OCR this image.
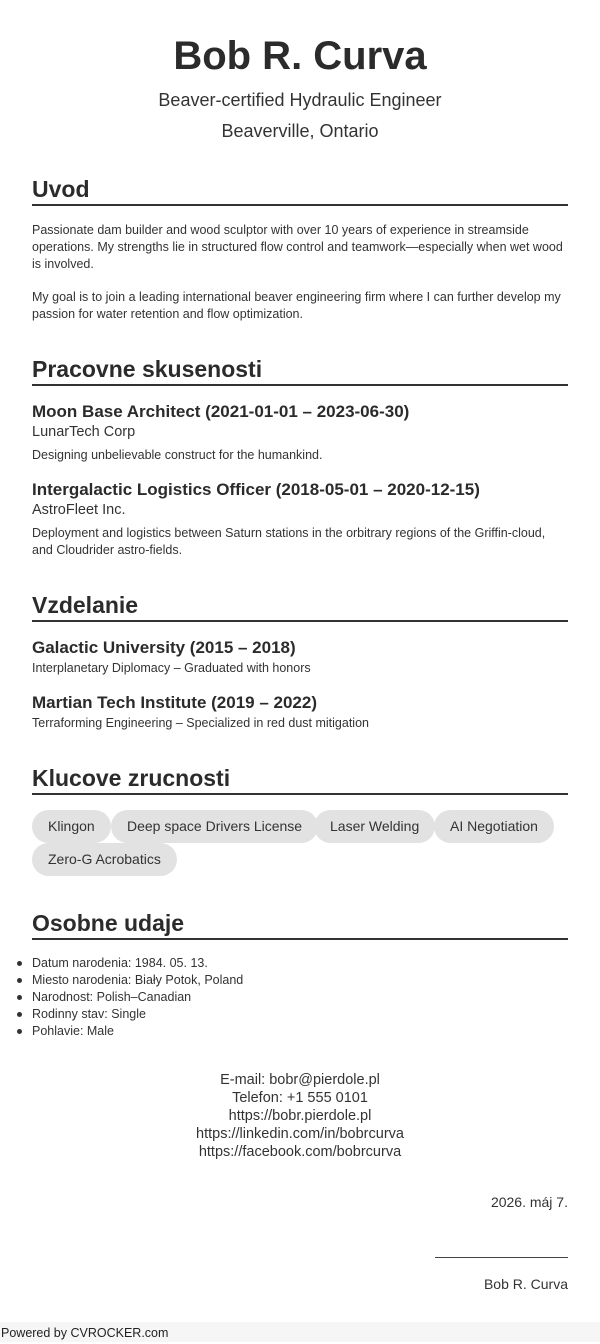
Bob R. Curva
Beaver-certified Hydraulic Engineer
Beaverville, Ontario
Uvod

Passionate dam builder and wood sculptor with over 10 years of experience in streamside operations. My strengths lie in structured flow control and teamwork—especially when wet wood is involved.

My goal is to join a leading international beaver engineering firm where I can further develop my passion for water retention and flow optimization.

Pracovne skusenosti
Moon Base Architect (2021-01-01 – 2023-06-30)
LunarTech Corp

Designing unbelievable construct for the humankind.

Intergalactic Logistics Officer (2018-05-01 – 2020-12-15)
AstroFleet Inc.

Deployment and logistics between Saturn stations in the orbitrary regions of the Griffin-cloud, and Cloudrider astro-fields.

Vzdelanie
Galactic University (2015 – 2018)

Interplanetary Diplomacy – Graduated with honors

Martian Tech Institute (2019 – 2022)

Terraforming Engineering – Specialized in red dust mitigation

Klucove zrucnosti
Klingon	Deep space Drivers License	Laser Welding	AI Negotiation
Zero-G Acrobatics
Osobne udaje
Datum narodenia: 1984. 05. 13.
Miesto narodenia: Biały Potok, Poland
Narodnost: Polish–Canadian
Rodinny stav: Single
Pohlavie: Male
E-mail: bobr@pierdole.pl
Telefon: +1 555 0101
https://bobr.pierdole.pl
https://linkedin.com/in/bobrcurva
https://facebook.com/bobrcurva
2026. máj 7.
Bob R. Curva
Powered by CVROCKER.com
